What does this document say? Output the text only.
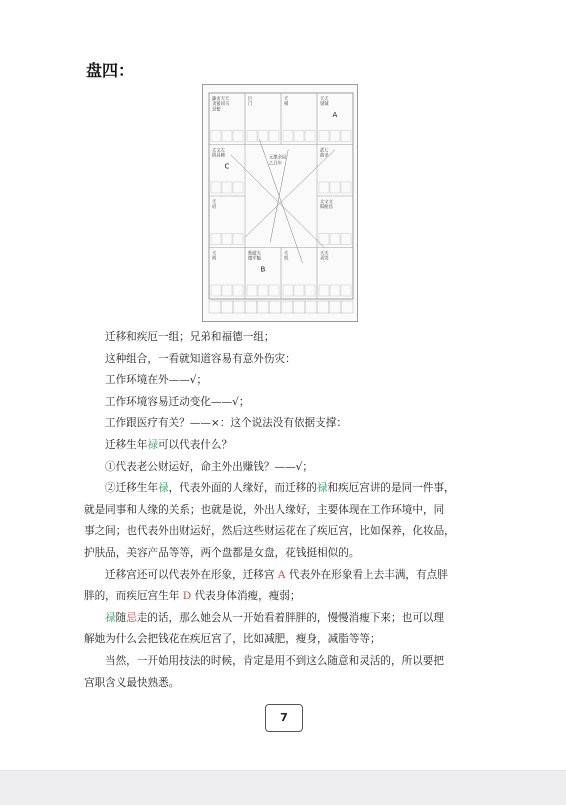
盘四：
廉贞天天
贪狼同马
忌使
巨
门
天
相
天天
梁钺
A
太文左
阴昌辅
C
武七
曲杀
天
府
太文文
阳曲昌
天
刑
紫破天
微军魁
B
天
机
天天
喜哭
元墨全局
乙丑年

迁移和疾厄一组；兄弟和福德一组；

这种组合，一看就知道容易有意外伤灾：

工作环境在外——√；

工作环境容易迁动变化——√；

工作跟医疗有关？——×：这个说法没有依据支撑：

迁移生年禄可以代表什么？

①代表老公财运好，命主外出赚钱？——√；

②迁移生年禄，代表外面的人缘好，而迁移的禄和疾厄宫讲的是同一件事，

就是同事和人缘的关系；也就是说，外出人缘好，主要体现在工作环境中，同

事之间；也代表外出财运好，然后这些财运花在了疾厄宫，比如保养，化妆品，

护肤品，美容产品等等，两个盘都是女盘，花钱挺相似的。

迁移宫还可以代表外在形象，迁移宫 A 代表外在形象看上去丰满，有点胖

胖的，而疾厄宫生年 D 代表身体消瘦，瘦弱；

禄随忌走的话，那么她会从一开始看着胖胖的，慢慢消瘦下来；也可以理

解她为什么会把钱花在疾厄宫了，比如减肥，瘦身，减脂等等；

当然，一开始用技法的时候，肯定是用不到这么随意和灵活的，所以要把

宫职含义最快熟悉。

7
